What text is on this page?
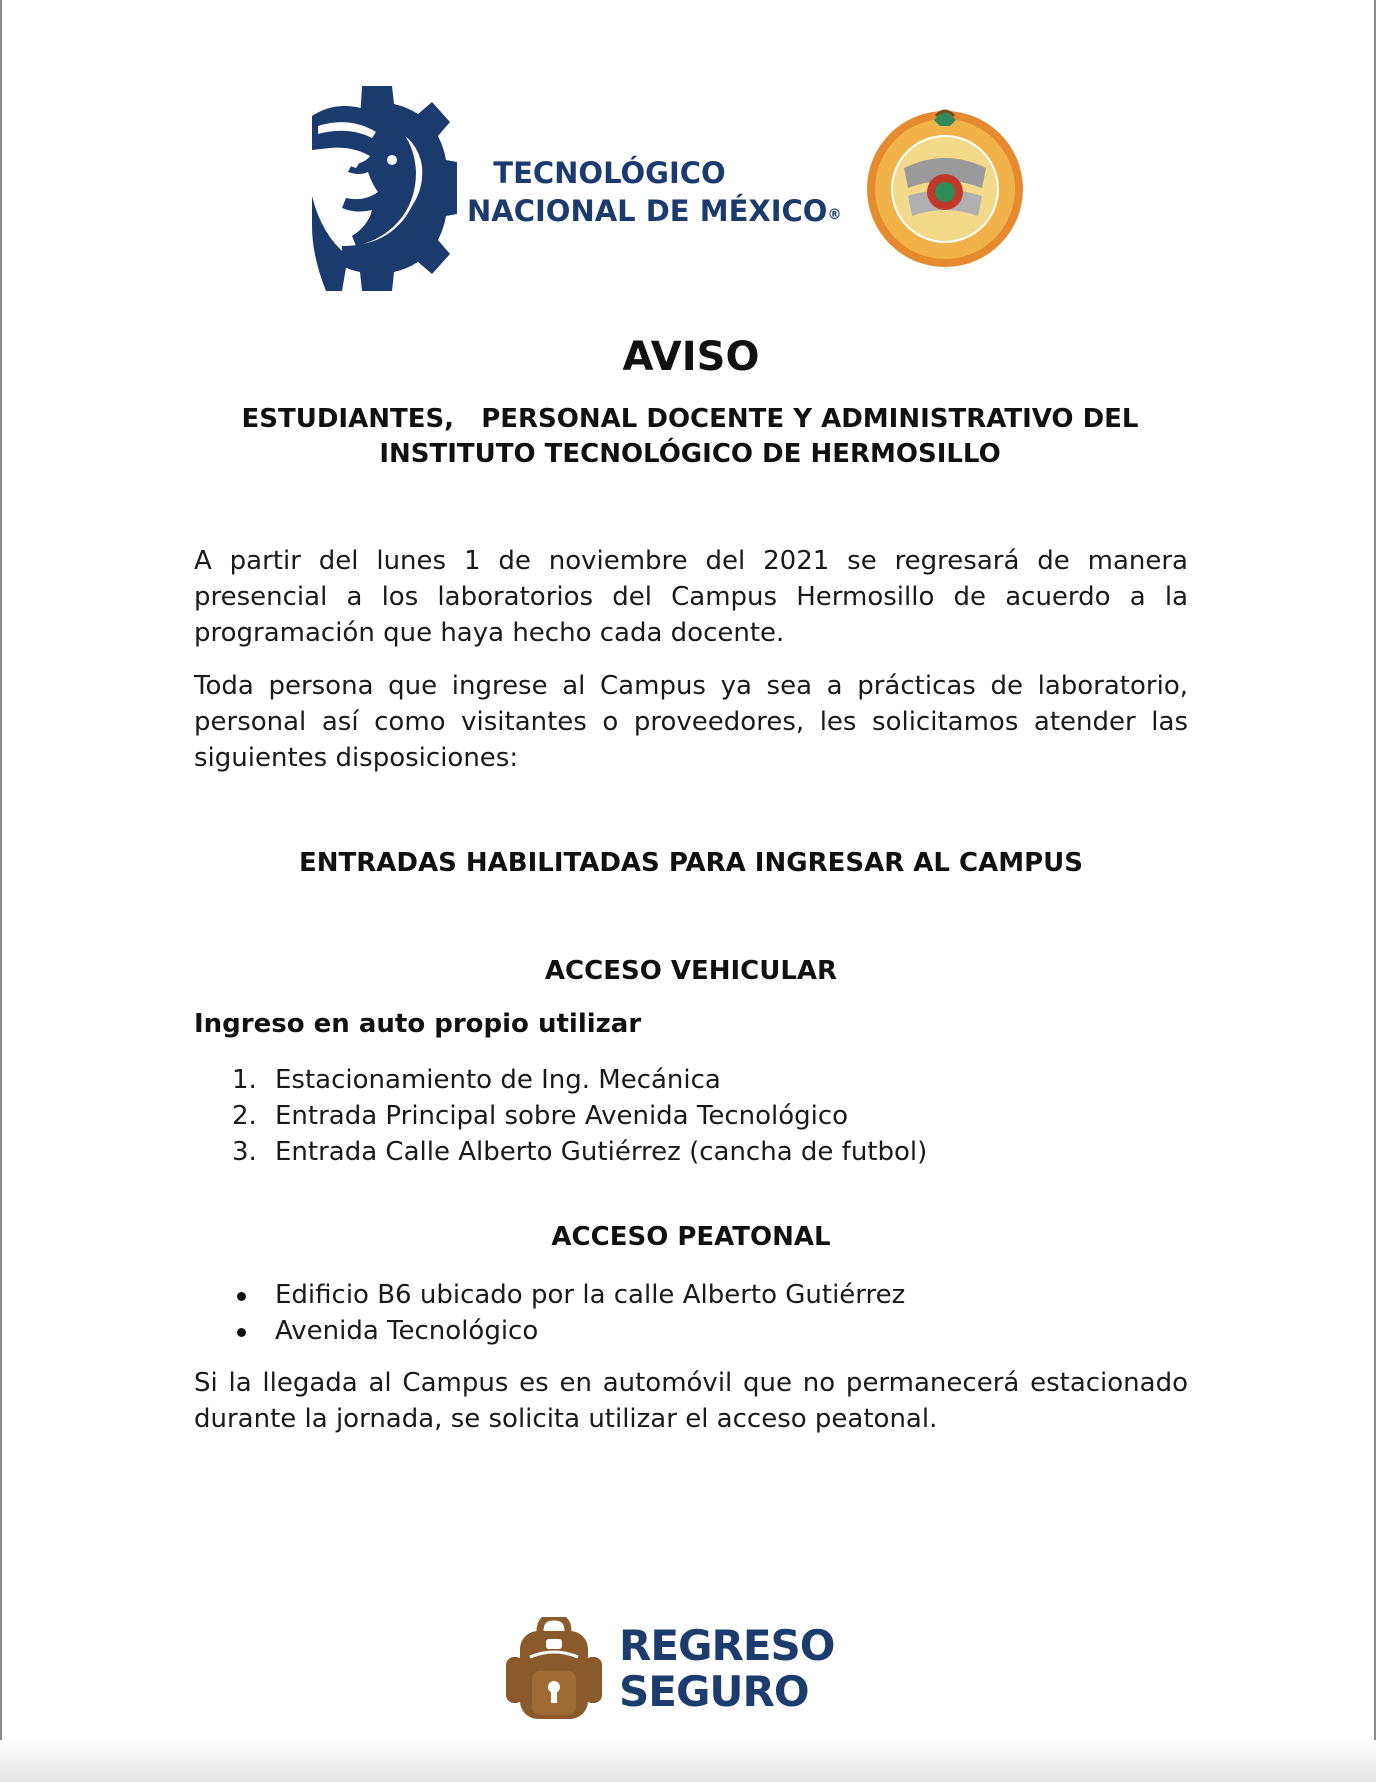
TECNOLÓGICO
NACIONAL DE MÉXICO®
AVISO
ESTUDIANTES,   PERSONAL DOCENTE Y ADMINISTRATIVO DEL
INSTITUTO TECNOLÓGICO DE HERMOSILLO

A partir del lunes 1 de noviembre del 2021 se regresará de manera presencial a los laboratorios del Campus Hermosillo de acuerdo a la programación que haya hecho cada docente.

Toda persona que ingrese al Campus ya sea a prácticas de laboratorio, personal así como visitantes o proveedores, les solicitamos atender las siguientes disposiciones:

ENTRADAS HABILITADAS PARA INGRESAR AL CAMPUS
ACCESO VEHICULAR

Ingreso en auto propio utilizar

1. Estacionamiento de Ing. Mecánica
2. Entrada Principal sobre Avenida Tecnológico
3. Entrada Calle Alberto Gutiérrez (cancha de futbol)
ACCESO PEATONAL
Edificio B6 ubicado por la calle Alberto Gutiérrez
Avenida Tecnológico

Si la llegada al Campus es en automóvil que no permanecerá estacionado durante la jornada, se solicita utilizar el acceso peatonal.

REGRESO
SEGURO
